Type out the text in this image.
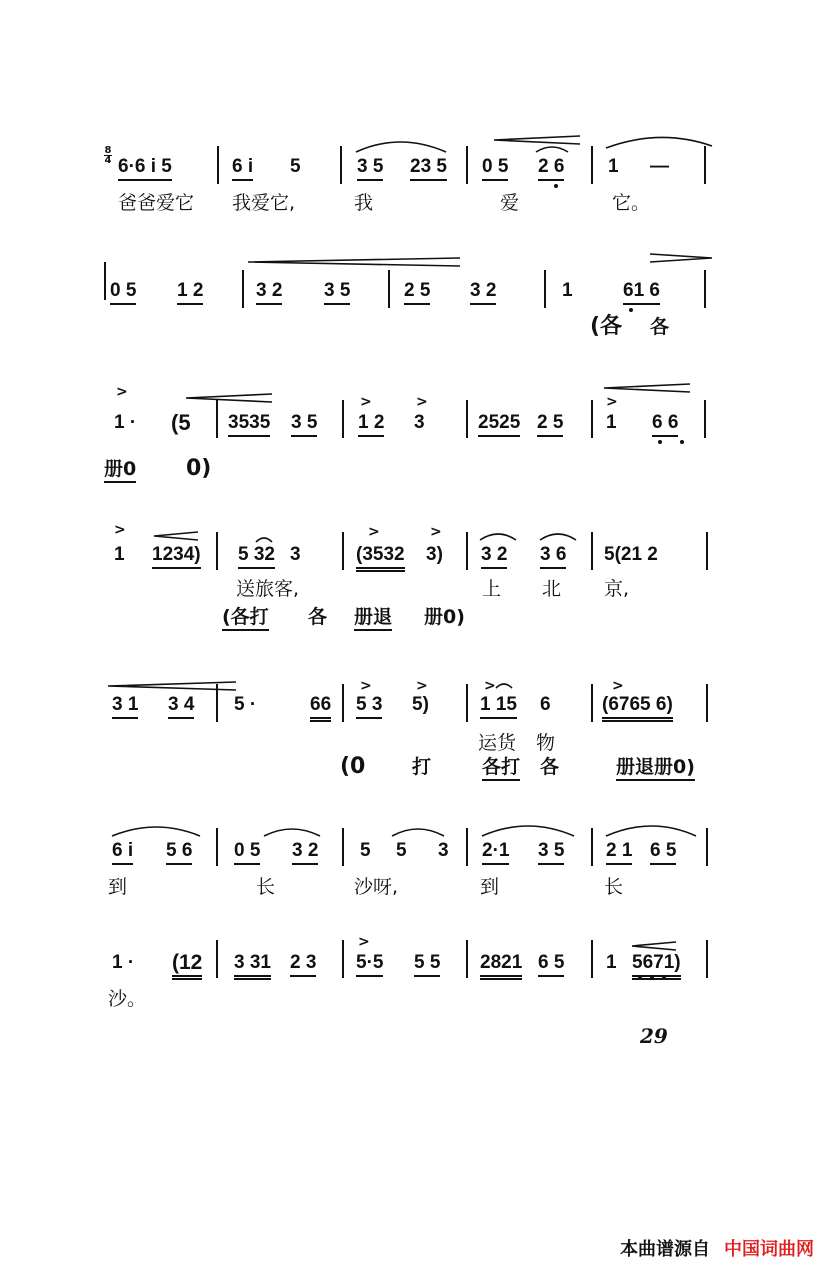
8
4 6·6 i 5	6 i 5	3 5 23 5 0 5 2 6 1 —
爸爸爱它 我爱它,	我	爱	它。
0 5 1 2	3 2 3 5	2 5 3 2	1	61 6
(各 各
>
1 · (5 3535 3 5
>
1 2
>
3	2525 2 5
>
1 6 6
册0 0)
>
1 1234) 5 32 3
>
(3532
>
3) 3 2 3 6 5(21 2
送旅客,	上 北 京,
(各打 各 册退 册0)
3 1 3 4 5 ·	66
>
5 3
>
5)
>
1 15 6
>
(6765 6)
运货 物
(0 打	各打 各	册退册0)
6 i 5 6 0 5 3 2 5 5 3 2·1 3 5 2 1 6 5
到	长	沙呀,	到	长
1 · (12 3 31 2 3
>
5·5 5 5 2821 6 5 1 5671)
沙。
29
本曲谱源自 中国词曲网
